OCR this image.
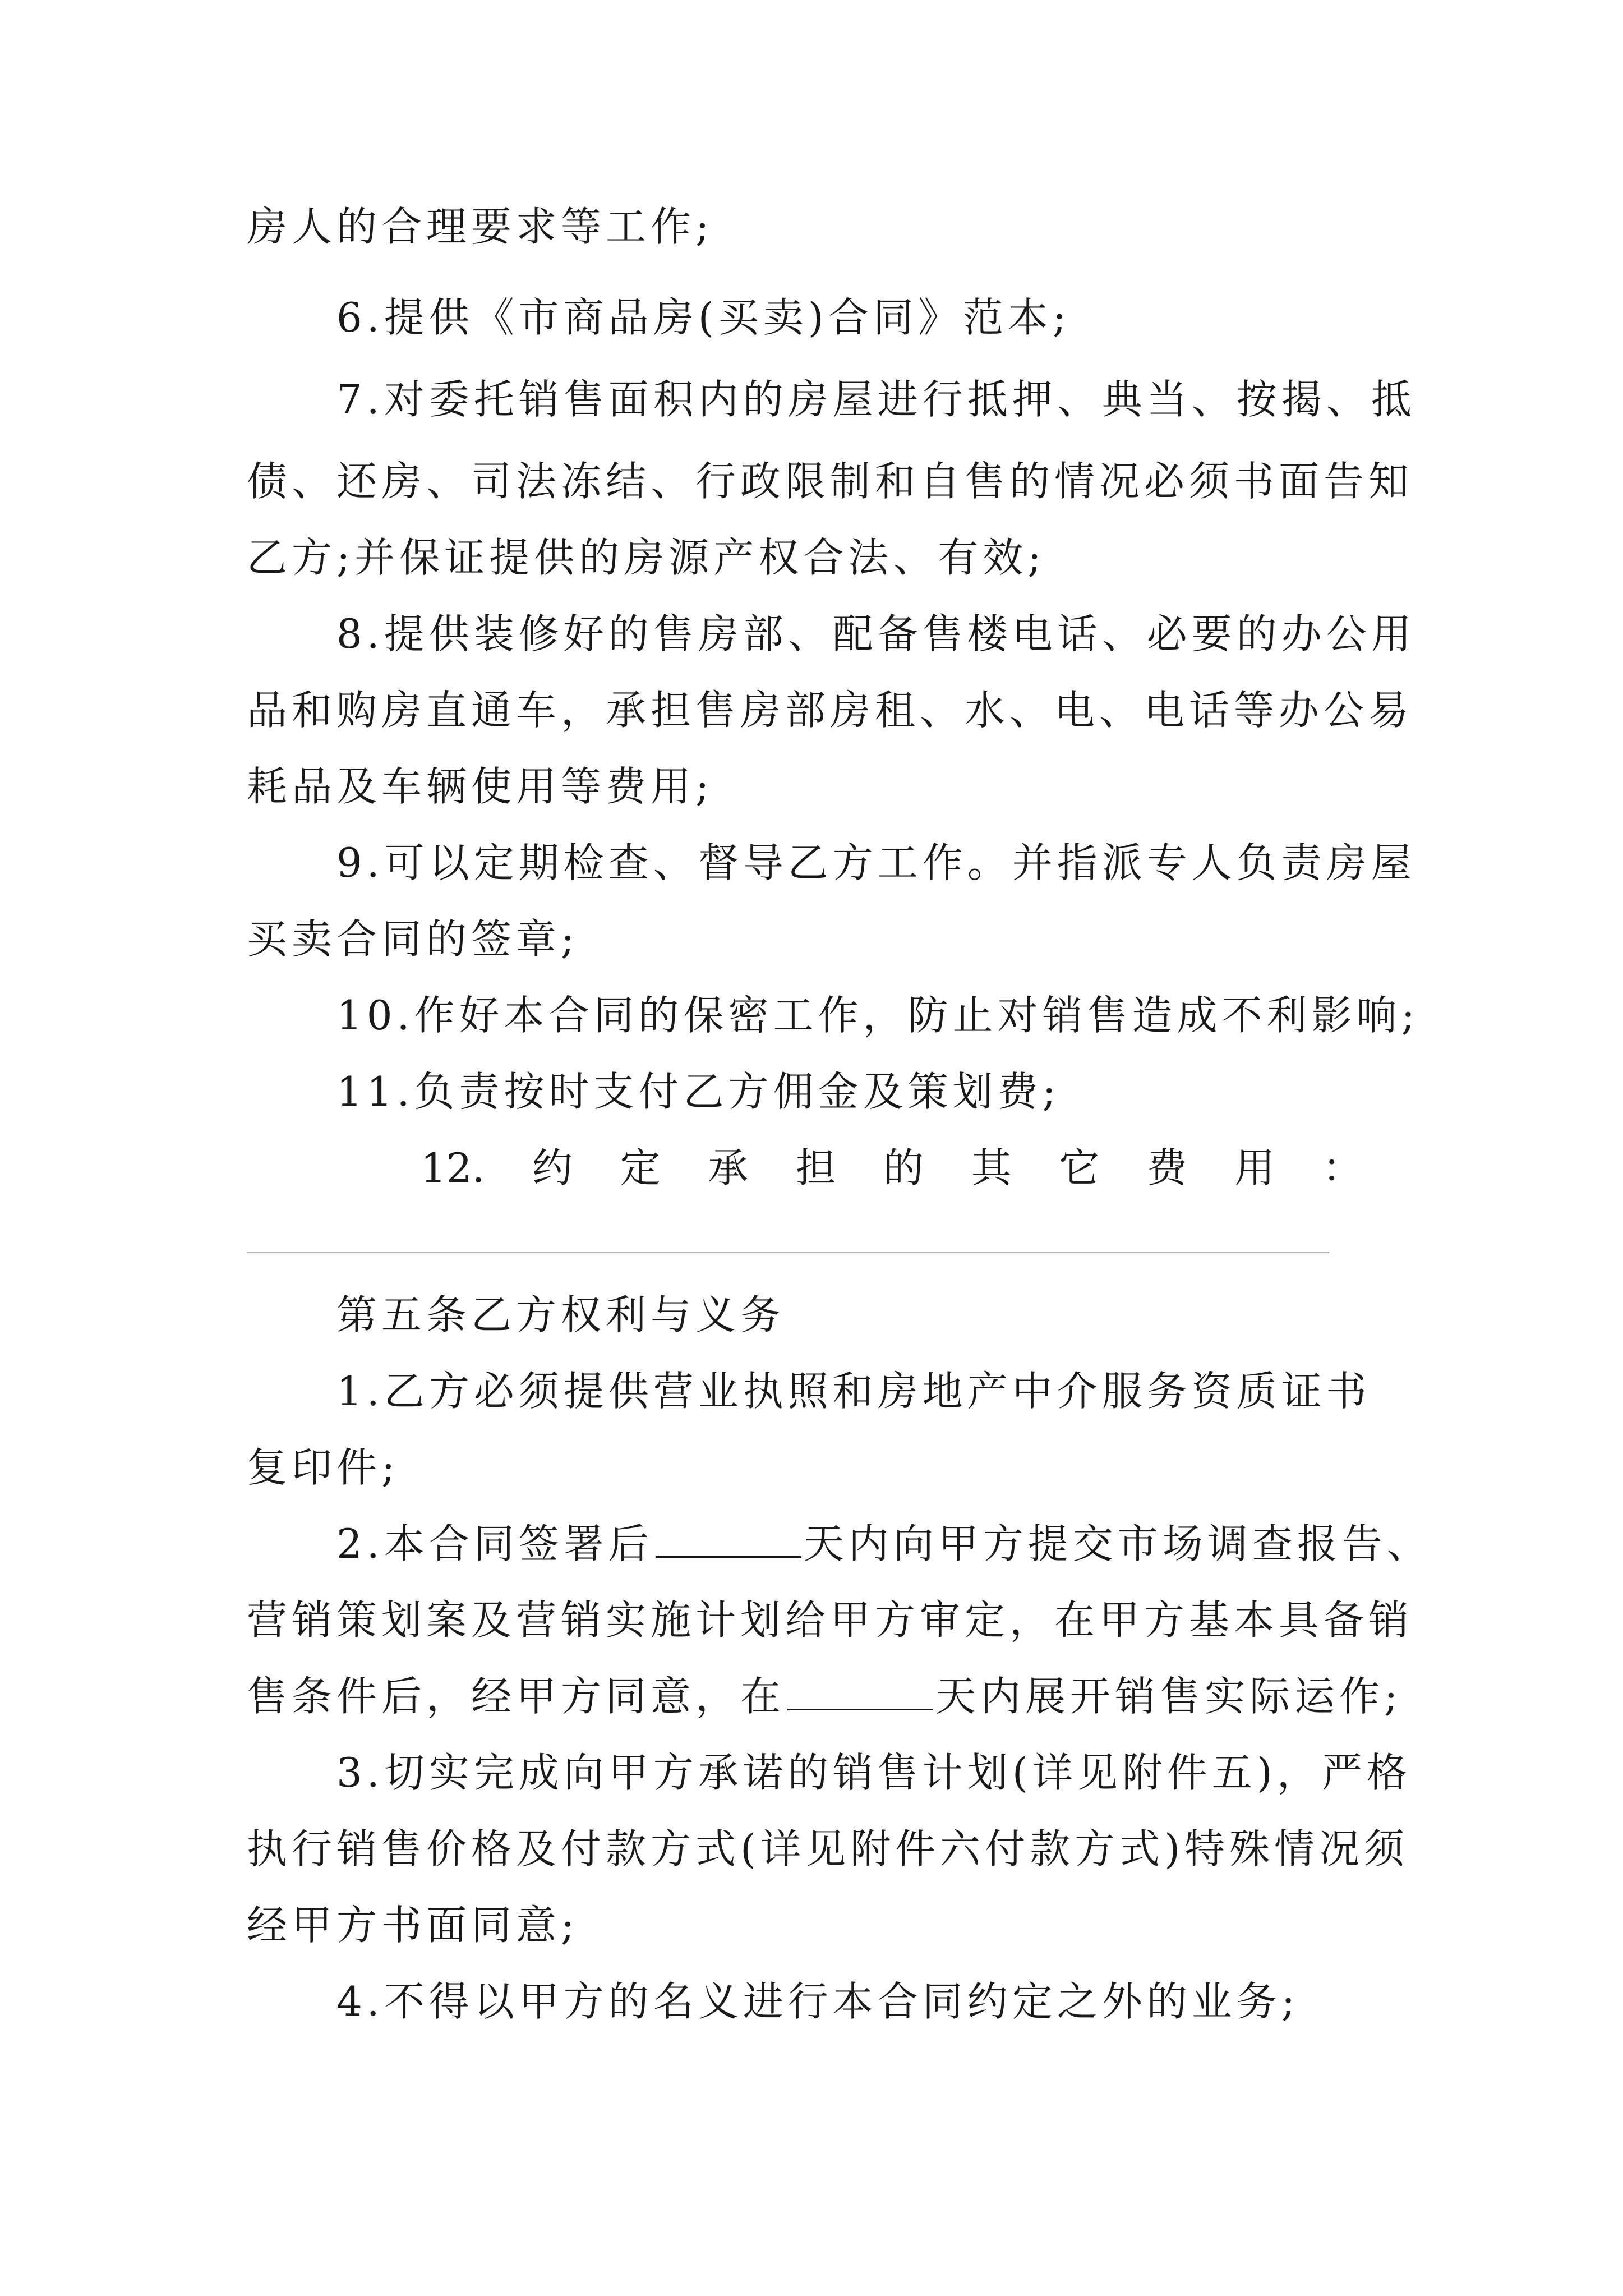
房人的合理要求等工作;
6.提供《市商品房(买卖)合同》范本;
7.对委托销售面积内的房屋进行抵押、典当、按揭、抵
债、还房、司法冻结、行政限制和自售的情况必须书面告知
乙方;并保证提供的房源产权合法、有效;
8.提供装修好的售房部、配备售楼电话、必要的办公用
品和购房直通车，承担售房部房租、水、电、电话等办公易
耗品及车辆使用等费用;
9.可以定期检查、督导乙方工作。并指派专人负责房屋
买卖合同的签章;
10.作好本合同的保密工作，防止对销售造成不利影响;
11.负责按时支付乙方佣金及策划费;
12. 约 定 承 担 的 其 它 费 用 ：
第五条乙方权利与义务
1.乙方必须提供营业执照和房地产中介服务资质证书
复印件;
2.本合同签署后	天内向甲方提交市场调查报告、
营销策划案及营销实施计划给甲方审定，在甲方基本具备销
售条件后，经甲方同意，在	天内展开销售实际运作;
3.切实完成向甲方承诺的销售计划(详见附件五)，严格
执行销售价格及付款方式(详见附件六付款方式)特殊情况须
经甲方书面同意;
4.不得以甲方的名义进行本合同约定之外的业务;
